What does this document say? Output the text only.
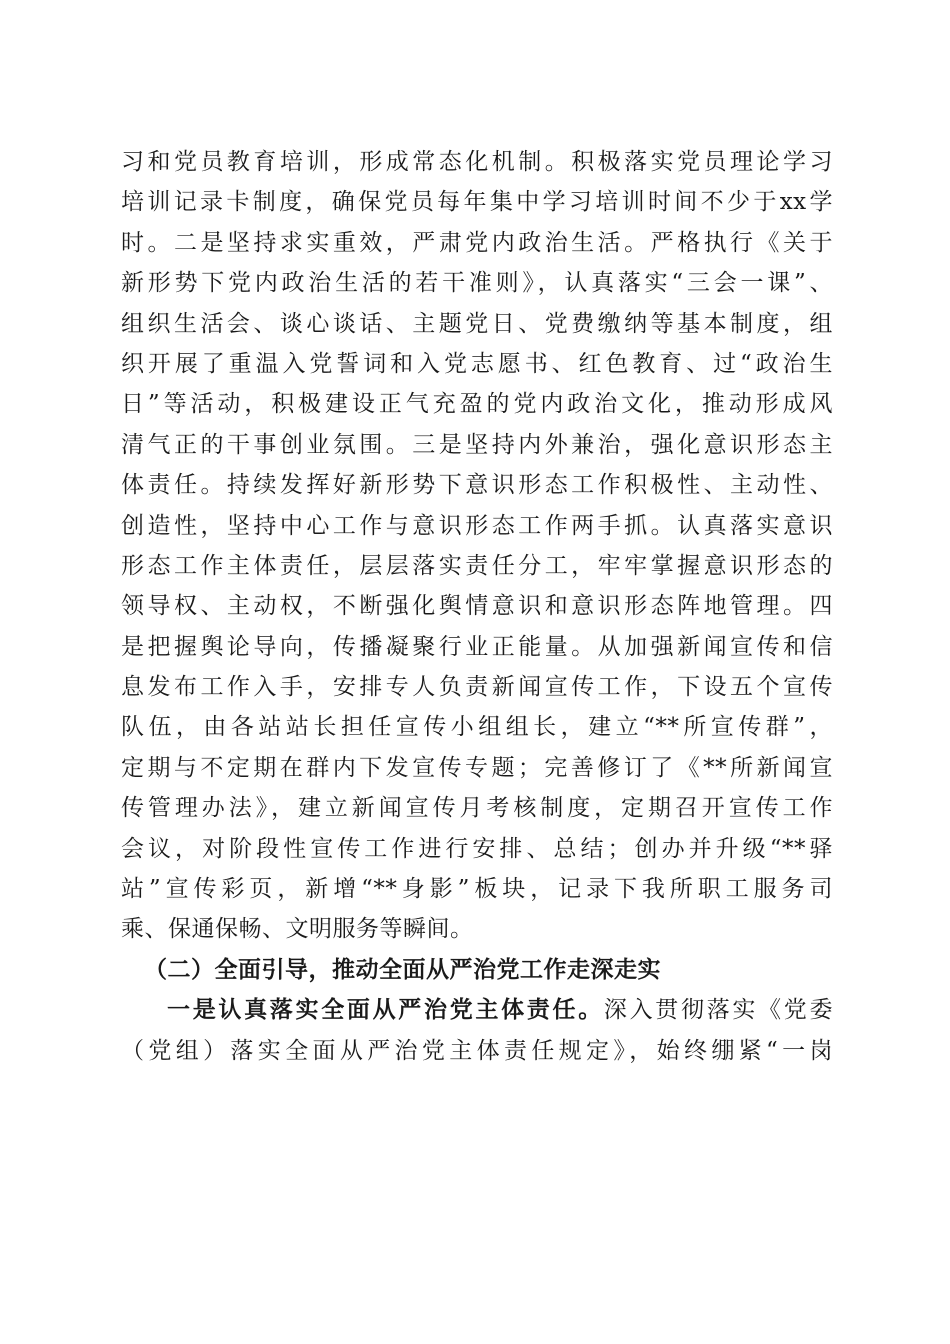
习和党员教育培训，形成常态化机制。积极落实党员理论学习
培训记录卡制度，确保党员每年集中学习培训时间不少于xx学
时。二是坚持求实重效，严肃党内政治生活。严格执行《关于
新形势下党内政治生活的若干准则》，认真落实“三会一课”、
组织生活会、谈心谈话、主题党日、党费缴纳等基本制度，组
织开展了重温入党誓词和入党志愿书、红色教育、过“政治生
日”等活动，积极建设正气充盈的党内政治文化，推动形成风
清气正的干事创业氛围。三是坚持内外兼治，强化意识形态主
体责任。持续发挥好新形势下意识形态工作积极性、主动性、
创造性，坚持中心工作与意识形态工作两手抓。认真落实意识
形态工作主体责任，层层落实责任分工，牢牢掌握意识形态的
领导权、主动权，不断强化舆情意识和意识形态阵地管理。四
是把握舆论导向，传播凝聚行业正能量。从加强新闻宣传和信
息发布工作入手，安排专人负责新闻宣传工作，下设五个宣传
队伍，由各站站长担任宣传小组组长，建立“**所宣传群”，
定期与不定期在群内下发宣传专题；完善修订了《**所新闻宣
传管理办法》，建立新闻宣传月考核制度，定期召开宣传工作
会议，对阶段性宣传工作进行安排、总结；创办并升级“**驿
站”宣传彩页，新增“**身影”板块，记录下我所职工服务司
乘、保通保畅、文明服务等瞬间。
（二）全面引导，推动全面从严治党工作走深走实
一是认真落实全面从严治党主体责任。深入贯彻落实《党委
（党组）落实全面从严治党主体责任规定》，始终绷紧“一岗
